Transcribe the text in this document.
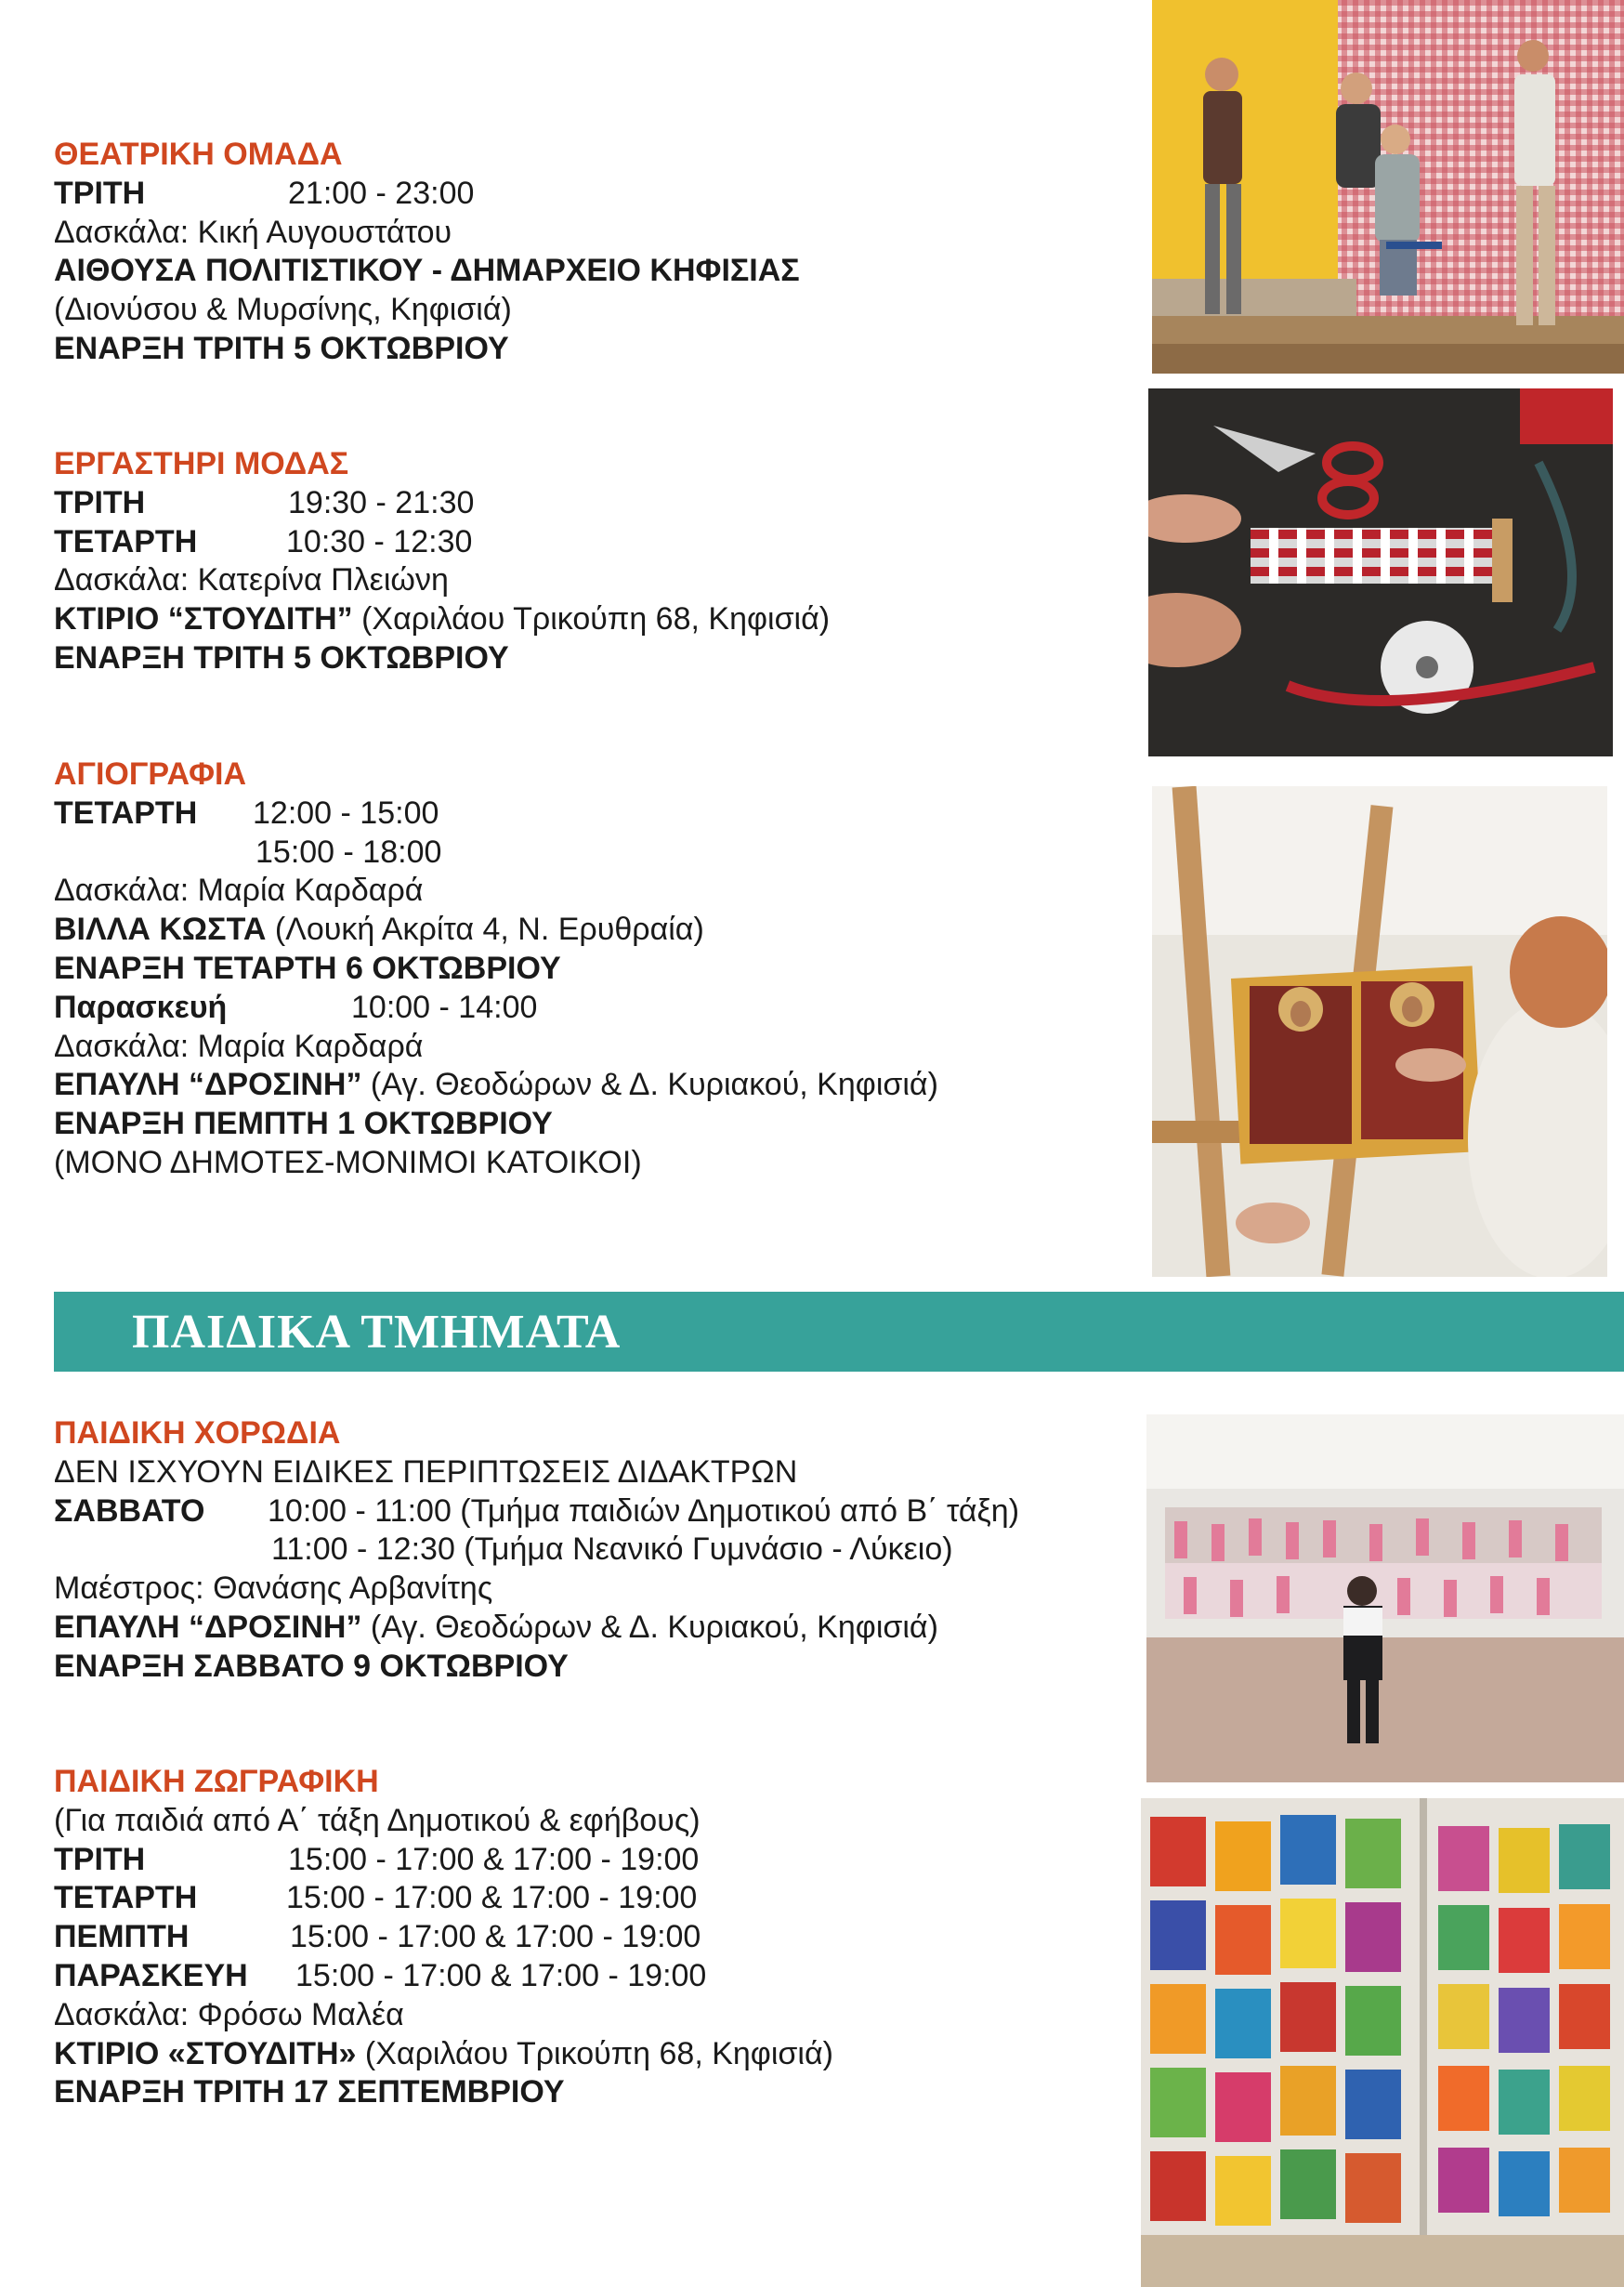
ΘΕΑΤΡΙΚΗ ΟΜΑΔΑ
ΤΡΙΤΗ	21:00 - 23:00
Δασκάλα: Κική Αυγουστάτου
ΑΙΘΟΥΣΑ ΠΟΛΙΤΙΣΤΙΚΟΥ - ΔΗΜΑΡΧΕΙΟ ΚΗΦΙΣΙΑΣ
(Διονύσου & Μυρσίνης, Κηφισιά)
ΕΝΑΡΞΗ ΤΡΙΤΗ 5 ΟΚΤΩΒΡΙΟΥ
ΕΡΓΑΣΤΗΡΙ ΜΟΔΑΣ
ΤΡΙΤΗ	19:30 - 21:30
ΤΕΤΑΡΤΗ	10:30 - 12:30
Δασκάλα: Κατερίνα Πλειώνη
ΚΤΙΡΙΟ “ΣΤΟΥΔΙΤΗ” (Χαριλάου Τρικούπη 68, Κηφισιά)
ΕΝΑΡΞΗ ΤΡΙΤΗ 5 ΟΚΤΩΒΡΙΟΥ
ΑΓΙΟΓΡΑΦΙΑ
ΤΕΤΑΡΤΗ 12:00 - 15:00
15:00 - 18:00
Δασκάλα: Μαρία Καρδαρά
ΒΙΛΛΑ ΚΩΣΤΑ (Λουκή Ακρίτα 4, Ν. Ερυθραία)
ΕΝΑΡΞΗ ΤΕΤΑΡΤΗ 6 ΟΚΤΩΒΡΙΟΥ
Παρασκευή	10:00 - 14:00
Δασκάλα: Μαρία Καρδαρά
ΕΠΑΥΛΗ “ΔΡΟΣΙΝΗ” (Αγ. Θεοδώρων & Δ. Κυριακού, Κηφισιά)
ΕΝΑΡΞΗ ΠΕΜΠΤΗ 1 ΟΚΤΩΒΡΙΟΥ
(ΜΟΝΟ ΔΗΜΟΤΕΣ-ΜΟΝΙΜΟΙ ΚΑΤΟΙΚΟΙ)
ΠΑΙΔΙΚΑ ΤΜΗΜΑΤΑ
ΠΑΙΔΙΚΗ ΧΟΡΩΔΙΑ
ΔΕΝ ΙΣΧΥΟΥΝ ΕΙΔΙΚΕΣ ΠΕΡΙΠΤΩΣΕΙΣ ΔΙΔΑΚΤΡΩΝ
ΣΑΒΒΑΤΟ 10:00 - 11:00 (Τμήμα παιδιών Δημοτικού από Β΄ τάξη)
11:00 - 12:30 (Τμήμα Νεανικό Γυμνάσιο - Λύκειο)
Μαέστρος: Θανάσης Αρβανίτης
ΕΠΑΥΛΗ “ΔΡΟΣΙΝΗ” (Αγ. Θεοδώρων & Δ. Κυριακού, Κηφισιά)
ΕΝΑΡΞΗ ΣΑΒΒΑΤΟ 9 ΟΚΤΩΒΡΙΟΥ
ΠΑΙΔΙΚΗ ΖΩΓΡΑΦΙΚΗ
(Για παιδιά από Α΄ τάξη Δημοτικού & εφήβους)
ΤΡΙΤΗ	15:00 - 17:00 & 17:00 - 19:00
ΤΕΤΑΡΤΗ	15:00 - 17:00 & 17:00 - 19:00
ΠΕΜΠΤΗ	15:00 - 17:00 & 17:00 - 19:00
ΠΑΡΑΣΚΕΥΗ 15:00 - 17:00 & 17:00 - 19:00
Δασκάλα: Φρόσω Μαλέα
ΚΤΙΡΙΟ «ΣΤΟΥΔΙΤΗ» (Χαριλάου Τρικούπη 68, Κηφισιά)
ΕΝΑΡΞΗ ΤΡΙΤΗ 17 ΣΕΠΤΕΜΒΡΙΟΥ
